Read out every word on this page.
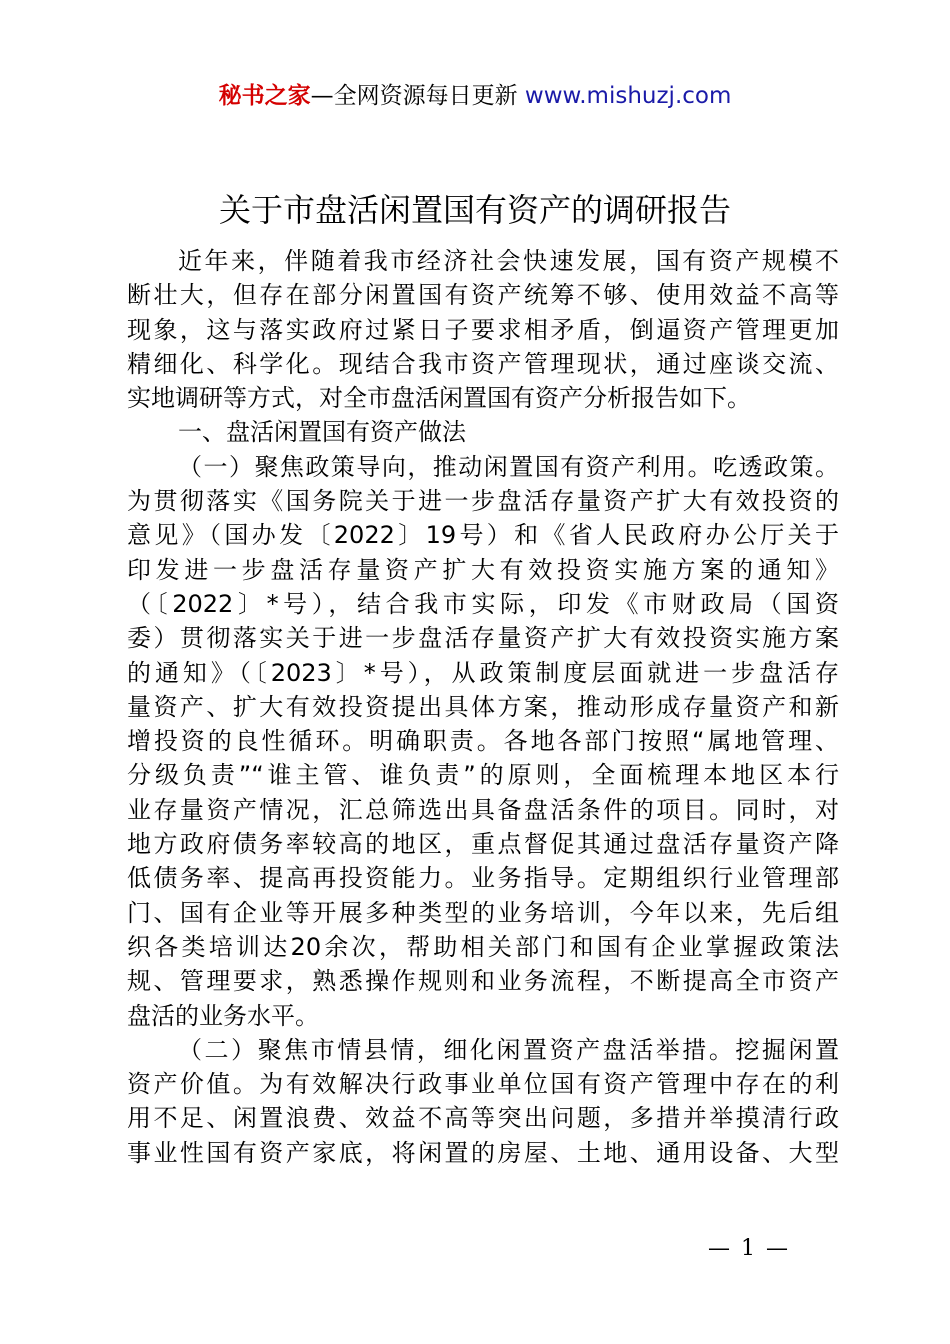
秘书之家—全网资源每日更新 www.mishuzj.com
关于市盘活闲置国有资产的调研报告
近年来，伴随着我市经济社会快速发展，国有资产规模不
断壮大，但存在部分闲置国有资产统筹不够、使用效益不高等
现象，这与落实政府过紧日子要求相矛盾，倒逼资产管理更加
精细化、科学化。现结合我市资产管理现状，通过座谈交流、
实地调研等方式，对全市盘活闲置国有资产分析报告如下。
一、盘活闲置国有资产做法
（一）聚焦政策导向，推动闲置国有资产利用。吃透政策。
为贯彻落实《国务院关于进一步盘活存量资产扩大有效投资的
意见》（国办发〔2022〕19号）和《省人民政府办公厅关于
印发进一步盘活存量资产扩大有效投资实施方案的通知》
（〔2022〕*号），结合我市实际，印发《市财政局（国资
委）贯彻落实关于进一步盘活存量资产扩大有效投资实施方案
的通知》（〔2023〕*号），从政策制度层面就进一步盘活存
量资产、扩大有效投资提出具体方案，推动形成存量资产和新
增投资的良性循环。明确职责。各地各部门按照“属地管理、
分级负责”“谁主管、谁负责”的原则，全面梳理本地区本行
业存量资产情况，汇总筛选出具备盘活条件的项目。同时，对
地方政府债务率较高的地区，重点督促其通过盘活存量资产降
低债务率、提高再投资能力。业务指导。定期组织行业管理部
门、国有企业等开展多种类型的业务培训，今年以来，先后组
织各类培训达20余次，帮助相关部门和国有企业掌握政策法
规、管理要求，熟悉操作规则和业务流程，不断提高全市资产
盘活的业务水平。
（二）聚焦市情县情，细化闲置资产盘活举措。挖掘闲置
资产价值。为有效解决行政事业单位国有资产管理中存在的利
用不足、闲置浪费、效益不高等突出问题，多措并举摸清行政
事业性国有资产家底，将闲置的房屋、土地、通用设备、大型
— 1 —
